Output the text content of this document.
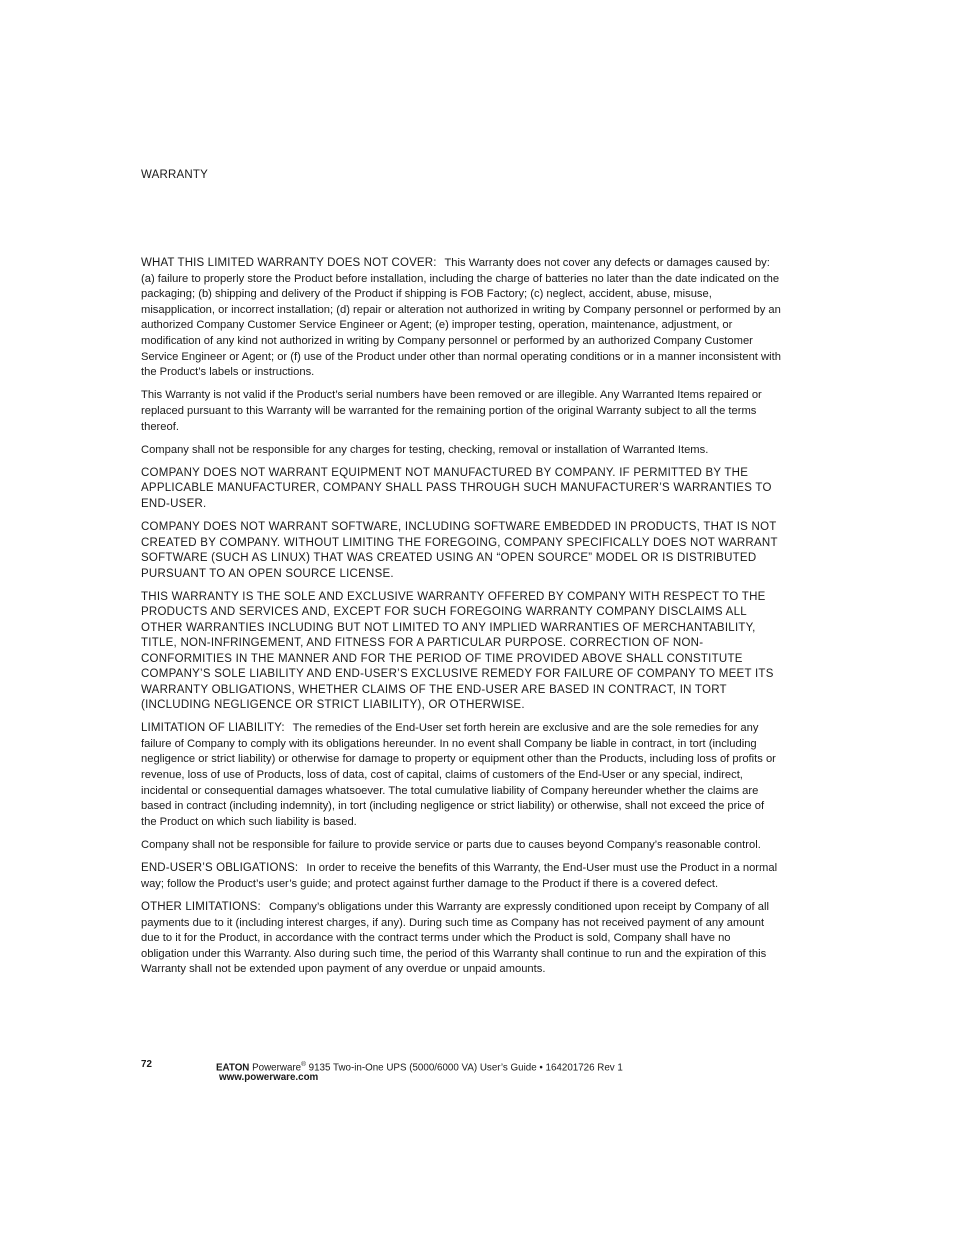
WARRANTY

WHAT THIS LIMITED WARRANTY DOES NOT COVER: This Warranty does not cover any defects or damages caused by: (a) failure to properly store the Product before installation, including the charge of batteries no later than the date indicated on the packaging; (b) shipping and delivery of the Product if shipping is FOB Factory; (c) neglect, accident, abuse, misuse, misapplication, or incorrect installation; (d) repair or alteration not authorized in writing by Company personnel or performed by an authorized Company Customer Service Engineer or Agent; (e) improper testing, operation, maintenance, adjustment, or modification of any kind not authorized in writing by Company personnel or performed by an authorized Company Customer Service Engineer or Agent; or (f) use of the Product under other than normal operating conditions or in a manner inconsistent with the Product’s labels or instructions.

This Warranty is not valid if the Product’s serial numbers have been removed or are illegible. Any Warranted Items repaired or replaced pursuant to this Warranty will be warranted for the remaining portion of the original Warranty subject to all the terms thereof.

Company shall not be responsible for any charges for testing, checking, removal or installation of Warranted Items.

COMPANY DOES NOT WARRANT EQUIPMENT NOT MANUFACTURED BY COMPANY. IF PERMITTED BY THE APPLICABLE MANUFACTURER, COMPANY SHALL PASS THROUGH SUCH MANUFACTURER’S WARRANTIES TO END-USER.

COMPANY DOES NOT WARRANT SOFTWARE, INCLUDING SOFTWARE EMBEDDED IN PRODUCTS, THAT IS NOT CREATED BY COMPANY. WITHOUT LIMITING THE FOREGOING, COMPANY SPECIFICALLY DOES NOT WARRANT SOFTWARE (SUCH AS LINUX) THAT WAS CREATED USING AN “OPEN SOURCE” MODEL OR IS DISTRIBUTED PURSUANT TO AN OPEN SOURCE LICENSE.

THIS WARRANTY IS THE SOLE AND EXCLUSIVE WARRANTY OFFERED BY COMPANY WITH RESPECT TO THE PRODUCTS AND SERVICES AND, EXCEPT FOR SUCH FOREGOING WARRANTY COMPANY DISCLAIMS ALL OTHER WARRANTIES INCLUDING BUT NOT LIMITED TO ANY IMPLIED WARRANTIES OF MERCHANTABILITY, TITLE, NON-INFRINGEMENT, AND FITNESS FOR A PARTICULAR PURPOSE. CORRECTION OF NON-CONFORMITIES IN THE MANNER AND FOR THE PERIOD OF TIME PROVIDED ABOVE SHALL CONSTITUTE COMPANY’S SOLE LIABILITY AND END-USER’S EXCLUSIVE REMEDY FOR FAILURE OF COMPANY TO MEET ITS WARRANTY OBLIGATIONS, WHETHER CLAIMS OF THE END-USER ARE BASED IN CONTRACT, IN TORT (INCLUDING NEGLIGENCE OR STRICT LIABILITY), OR OTHERWISE.

LIMITATION OF LIABILITY: The remedies of the End-User set forth herein are exclusive and are the sole remedies for any failure of Company to comply with its obligations hereunder. In no event shall Company be liable in contract, in tort (including negligence or strict liability) or otherwise for damage to property or equipment other than the Products, including loss of profits or revenue, loss of use of Products, loss of data, cost of capital, claims of customers of the End-User or any special, indirect, incidental or consequential damages whatsoever. The total cumulative liability of Company hereunder whether the claims are based in contract (including indemnity), in tort (including negligence or strict liability) or otherwise, shall not exceed the price of the Product on which such liability is based.

Company shall not be responsible for failure to provide service or parts due to causes beyond Company’s reasonable control.

END-USER’S OBLIGATIONS: In order to receive the benefits of this Warranty, the End-User must use the Product in a normal way; follow the Product’s user’s guide; and protect against further damage to the Product if there is a covered defect.

OTHER LIMITATIONS: Company’s obligations under this Warranty are expressly conditioned upon receipt by Company of all payments due to it (including interest charges, if any). During such time as Company has not received payment of any amount due to it for the Product, in accordance with the contract terms under which the Product is sold, Company shall have no obligation under this Warranty. Also during such time, the period of this Warranty shall continue to run and the expiration of this Warranty shall not be extended upon payment of any overdue or unpaid amounts.

72	EATON Powerware® 9135 Two-in-One UPS (5000/6000 VA) User’s Guide • 164201726 Rev 1
www.powerware.com
